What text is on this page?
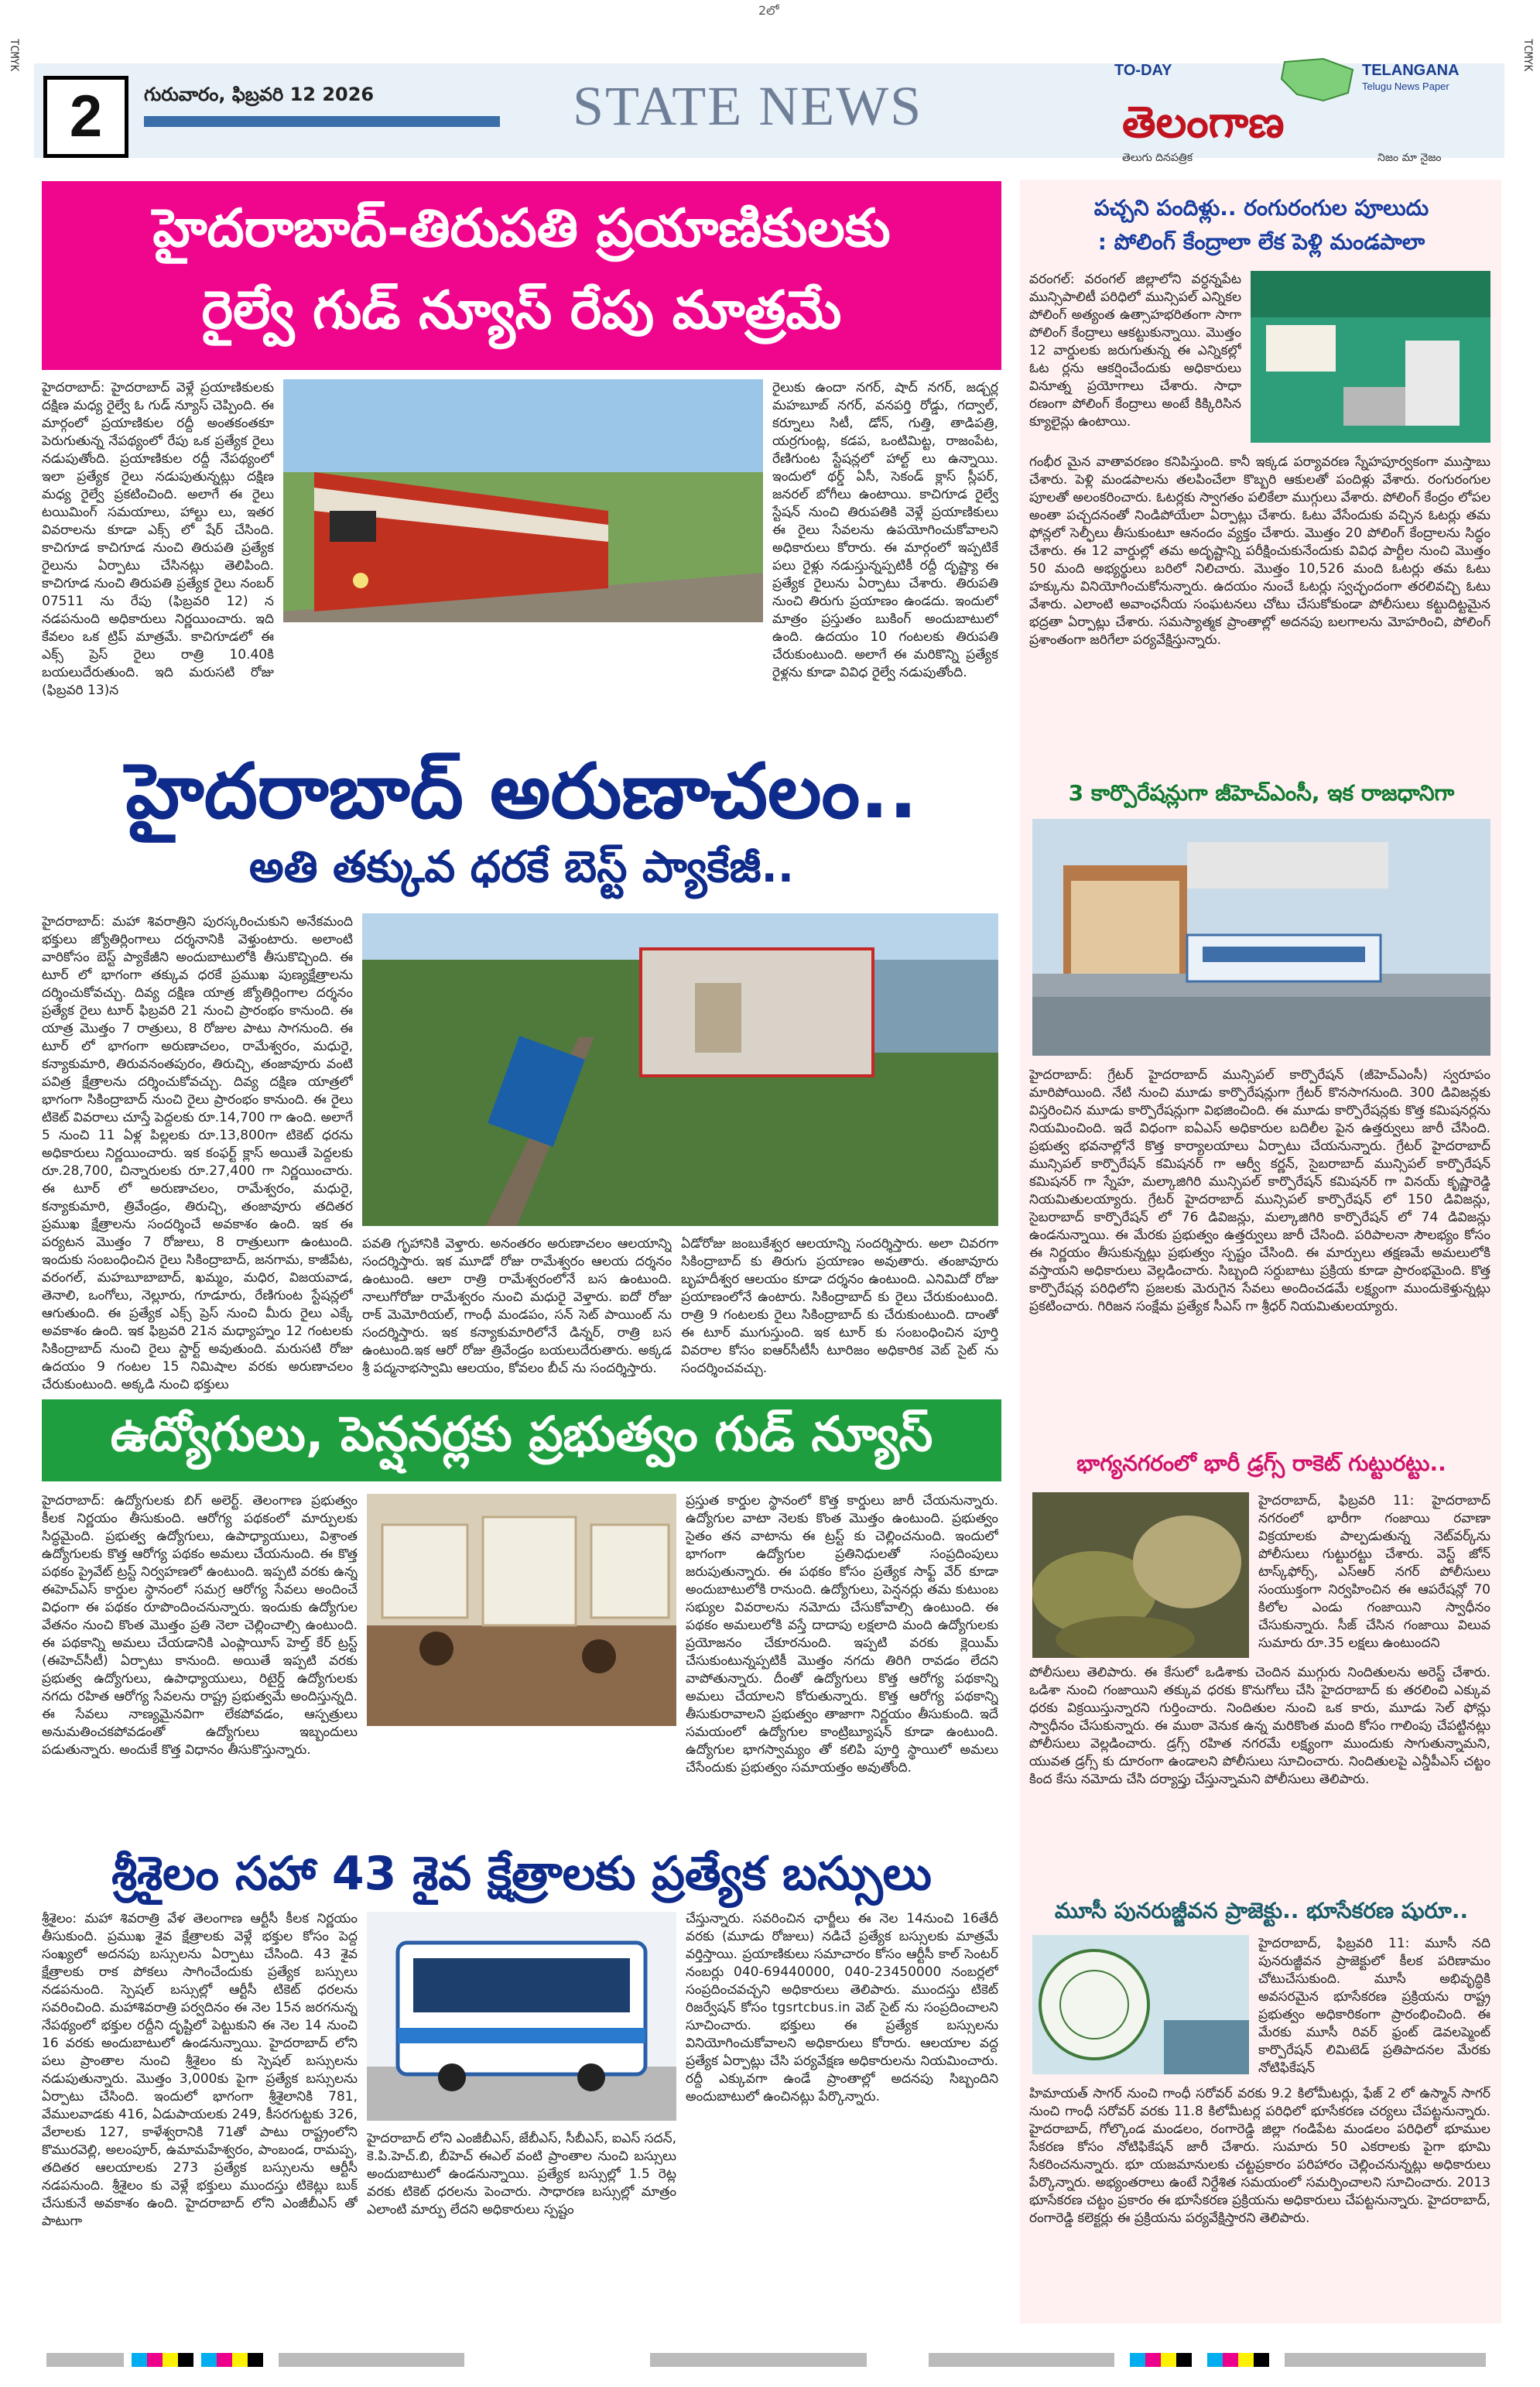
2లో
TCMYK	TCMYK
2	గురువారం, ఫిబ్రవరి 12 2026	STATE NEWS
TO-DAY	TELANGANA
Telugu News Paper
తెలంగాణ
తెలుగు దినపత్రిక	నిజం మా నైజం
హైదరాబాద్-తిరుపతి ప్రయాణికులకు
రైల్వే గుడ్ న్యూస్ రేపు మాత్రమే
హైదరాబాద్: హైదరాబాద్ వెళ్లే ప్రయాణికులకు దక్షిణ మధ్య రైల్వే ఓ గుడ్ న్యూస్ చెప్పింది. ఈ మార్గంలో ప్రయాణికుల రద్దీ అంతకంతకూ పెరుగుతున్న నేపథ్యంలో రేపు ఒక ప్రత్యేక రైలు నడుపుతోంది. ప్రయాణికుల రద్దీ నేపథ్యంలో ఇలా ప్రత్యేక రైలు నడుపుతున్నట్లు దక్షిణ మధ్య రైల్వే ప్రకటించింది. అలాగే ఈ రైలు టయిమింగ్ సమయాలు, హాల్టు లు, ఇతర వివరాలను కూడా ఎక్స్ లో షేర్ చేసింది. కాచిగూడ కాచిగూడ నుంచి తిరుపతి ప్రత్యేక రైలును ఏర్పాటు చేసినట్లు తెలిపింది. కాచిగూడ నుంచి తిరుపతి ప్రత్యేక రైలు నంబర్ 07511 ను రేపు (ఫిబ్రవరి 12) న నడపనుంది అధికారులు నిర్ణయించారు. ఇది కేవలం ఒక ట్రిప్ మాత్రమే. కాచిగూడలో ఈ ఎక్స్ ప్రెస్ రైలు రాత్రి 10.40కి బయలుదేరుతుంది. ఇది మరుసటి రోజు (ఫిబ్రవరి 13)న
రైలుకు ఉందా నగర్, షాద్ నగర్, జడ్చర్ల మహబూబ్ నగర్, వనపర్తి రోడ్డు, గద్వాల్, కర్నూలు సిటీ, డోన్, గుత్తి, తాడిపత్రి, యర్రగుంట్ల, కడప, ఒంటిమిట్ట, రాజంపేట, రేణిగుంట స్టేషన్లలో హాల్ట్ లు ఉన్నాయి. ఇందులో థర్డ్ ఏసీ, సెకండ్ క్లాస్ స్లీపర్, జనరల్ బోగీలు ఉంటాయి. కాచిగూడ రైల్వే స్టేషన్ నుంచి తిరుపతికి వెళ్లే ప్రయాణికులు ఈ రైలు సేవలను ఉపయోగించుకోవాలని అధికారులు కోరారు. ఈ మార్గంలో ఇప్పటికే పలు రైళ్లు నడుస్తున్నప్పటికీ రద్దీ దృష్ట్యా ఈ ప్రత్యేక రైలును ఏర్పాటు చేశారు. తిరుపతి నుంచి తిరుగు ప్రయాణం ఉండదు. ఇందులో మాత్రం ప్రస్తుతం బుకింగ్ అందుబాటులో ఉంది. ఉదయం 10 గంటలకు తిరుపతి చేరుకుంటుంది. అలాగే ఈ మరికొన్ని ప్రత్యేక రైళ్లను కూడా వివిధ రైల్వే నడుపుతోంది.
హైదరాబాద్ అరుణాచలం..
అతి తక్కువ ధరకే బెస్ట్ ప్యాకేజీ..
హైదరాబాద్: మహా శివరాత్రిని పురస్కరించుకుని అనేకమంది భక్తులు జ్యోతిర్లింగాలు దర్శనానికి వెళ్తుంటారు. అలాంటి వారికోసం బెస్ట్ ప్యాకేజీని అందుబాటులోకి తీసుకొచ్చింది. ఈ టూర్ లో భాగంగా తక్కువ ధరకే ప్రముఖ పుణ్యక్షేత్రాలను దర్శించుకోవచ్చు. దివ్య దక్షిణ యాత్ర జ్యోతిర్లింగాల దర్శనం ప్రత్యేక రైలు టూర్ ఫిబ్రవరి 21 నుంచి ప్రారంభం కానుంది. ఈ యాత్ర మొత్తం 7 రాత్రులు, 8 రోజుల పాటు సాగనుంది. ఈ టూర్ లో భాగంగా అరుణాచలం, రామేశ్వరం, మధురై, కన్యాకుమారి, తిరువనంతపురం, తిరుచ్చి, తంజావూరు వంటి పవిత్ర క్షేత్రాలను దర్శించుకోవచ్చు. దివ్య దక్షిణ యాత్రలో భాగంగా సికింద్రాబాద్ నుంచి రైలు ప్రారంభం కానుంది. ఈ రైలు టికెట్ వివరాలు చూస్తే పెద్దలకు రూ.14,700 గా ఉంది. అలాగే 5 నుంచి 11 ఏళ్ల పిల్లలకు రూ.13,800గా టికెట్ ధరను అధికారులు నిర్ణయించారు. ఇక కంఫర్ట్ క్లాస్ అయితే పెద్దలకు రూ.28,700, చిన్నారులకు రూ.27,400 గా నిర్ణయించారు. ఈ టూర్ లో అరుణాచలం, రామేశ్వరం, మధురై, కన్యాకుమారి, త్రివేండ్రం, తిరుచ్చి, తంజావూరు తదితర ప్రముఖ క్షేత్రాలను సందర్శించే అవకాశం ఉంది. ఇక ఈ పర్యటన మొత్తం 7 రోజులు, 8 రాత్రులుగా ఉంటుంది. ఇందుకు సంబంధించిన రైలు సికింద్రాబాద్, జనగామ, కాజీపేట, వరంగల్, మహబూబాబాద్, ఖమ్మం, మధిర, విజయవాడ, తెనాలి, ఒంగోలు, నెల్లూరు, గూడూరు, రేణిగుంట స్టేషన్లలో ఆగుతుంది. ఈ ప్రత్యేక ఎక్స్ ప్రెస్ నుంచి మీరు రైలు ఎక్కే అవకాశం ఉంది. ఇక ఫిబ్రవరి 21న మధ్యాహ్నం 12 గంటలకు సికింద్రాబాద్ నుంచి రైలు స్టార్ట్ అవుతుంది. మరుసటి రోజు ఉదయం 9 గంటల 15 నిమిషాల వరకు అరుణాచలం చేరుకుంటుంది. అక్కడి నుంచి భక్తులు
పవతి గృహానికి వెళ్తారు. అనంతరం అరుణాచలం ఆలయాన్ని సందర్శిస్తారు. ఇక మూడో రోజు రామేశ్వరం ఆలయ దర్శనం ఉంటుంది. ఆలా రాత్రి రామేశ్వరంలోనే బస ఉంటుంది. నాలుగోరోజు రామేశ్వరం నుంచి మధురై వెళ్తారు. ఐదో రోజు రాక్ మెమోరియల్, గాంధీ మండపం, సన్ సెట్ పాయింట్ ను సందర్శిస్తారు. ఇక కన్యాకుమారిలోనే డిన్నర్, రాత్రి బస ఉంటుంది.ఇక ఆరో రోజు త్రివేండ్రం బయలుదేరుతారు. అక్కడ శ్రీ పద్మనాభస్వామి ఆలయం, కోవలం బీచ్ ను సందర్శిస్తారు.
ఏడోరోజు జంబుకేశ్వర ఆలయాన్ని సందర్శిస్తారు. అలా చివరగా సికింద్రాబాద్ కు తిరుగు ప్రయాణం అవుతారు. తంజావూరు బృహదీశ్వర ఆలయం కూడా దర్శనం ఉంటుంది. ఎనిమిదో రోజు ప్రయాణంలోనే ఉంటారు. సికింద్రాబాద్ కు రైలు చేరుకుంటుంది. రాత్రి 9 గంటలకు రైలు సికింద్రాబాద్ కు చేరుకుంటుంది. దాంతో ఈ టూర్ ముగుస్తుంది. ఇక టూర్ కు సంబంధించిన పూర్తి వివరాల కోసం ఐఆర్‌సీటీసీ టూరిజం అధికారిక వెబ్ సైట్ ను సందర్శించవచ్చు.
ఉద్యోగులు, పెన్షనర్లకు ప్రభుత్వం గుడ్ న్యూస్
హైదరాబాద్: ఉద్యోగులకు బిగ్ అలెర్ట్. తెలంగాణ ప్రభుత్వం కీలక నిర్ణయం తీసుకుంది. ఆరోగ్య పథకంలో మార్పులకు సిద్ధమైంది. ప్రభుత్వ ఉద్యోగులు, ఉపాధ్యాయులు, విశ్రాంత ఉద్యోగులకు కొత్త ఆరోగ్య పథకం అమలు చేయనుంది. ఈ కొత్త పథకం ప్రైవేట్ ట్రస్ట్ నిర్వహణలో ఉంటుంది. ఇప్పటి వరకు ఉన్న ఈహెచ్ఎస్ కార్డుల స్థానంలో సమగ్ర ఆరోగ్య సేవలు అందించే విధంగా ఈ పథకం రూపొందించనున్నారు. ఇందుకు ఉద్యోగుల వేతనం నుంచి కొంత మొత్తం ప్రతి నెలా చెల్లించాల్సి ఉంటుంది. ఈ పథకాన్ని అమలు చేయడానికి ఎంప్లాయీస్ హెల్త్ కేర్ ట్రస్ట్ (ఈహెచ్‌సీటీ) ఏర్పాటు కానుంది. అయితే ఇప్పటి వరకు ప్రభుత్వ ఉద్యోగులు, ఉపాధ్యాయులు, రిటైర్డ్ ఉద్యోగులకు నగదు రహిత ఆరోగ్య సేవలను రాష్ట్ర ప్రభుత్వమే అందిస్తున్నది. ఈ సేవలు నాణ్యమైనవిగా లేకపోవడం, ఆస్పత్రులు అనుమతించకపోవడంతో ఉద్యోగులు ఇబ్బందులు పడుతున్నారు. అందుకే కొత్త విధానం తీసుకొస్తున్నారు.
ప్రస్తుత కార్డుల స్థానంలో కొత్త కార్డులు జారీ చేయనున్నారు. ఉద్యోగుల వాటా నెలకు కొంత మొత్తం ఉంటుంది. ప్రభుత్వం సైతం తన వాటాను ఈ ట్రస్ట్ కు చెల్లించనుంది. ఇందులో భాగంగా ఉద్యోగుల ప్రతినిధులతో సంప్రదింపులు జరుపుతున్నారు. ఈ పథకం కోసం ప్రత్యేక సాఫ్ట్ వేర్ కూడా అందుబాటులోకి రానుంది. ఉద్యోగులు, పెన్షనర్లు తమ కుటుంబ సభ్యుల వివరాలను నమోదు చేసుకోవాల్సి ఉంటుంది. ఈ పథకం అమలులోకి వస్తే దాదాపు లక్షలాది మంది ఉద్యోగులకు ప్రయోజనం చేకూరనుంది. ఇప్పటి వరకు క్లెయిమ్ చేసుకుంటున్నప్పటికీ మొత్తం నగదు తిరిగి రావడం లేదని వాపోతున్నారు. దీంతో ఉద్యోగులు కొత్త ఆరోగ్య పథకాన్ని అమలు చేయాలని కోరుతున్నారు. కొత్త ఆరోగ్య పథకాన్ని తీసుకురావాలని ప్రభుత్వం తాజాగా నిర్ణయం తీసుకుంది. ఇదే సమయంలో ఉద్యోగుల కాంట్రిబ్యూషన్ కూడా ఉంటుంది. ఉద్యోగుల భాగస్వామ్యం తో కలిపి పూర్తి స్థాయిలో అమలు చేసేందుకు ప్రభుత్వం సమాయత్తం అవుతోంది.
శ్రీశైలం సహా 43 శైవ క్షేత్రాలకు ప్రత్యేక బస్సులు
శ్రీశైలం: మహా శివరాత్రి వేళ తెలంగాణ ఆర్టీసీ కీలక నిర్ణయం తీసుకుంది. ప్రముఖ శైవ క్షేత్రాలకు వెళ్లే భక్తుల కోసం పెద్ద సంఖ్యలో అదనపు బస్సులను ఏర్పాటు చేసింది. 43 శైవ క్షేత్రాలకు రాక పోకలు సాగించేందుకు ప్రత్యేక బస్సులు నడపనుంది. స్పెషల్ బస్సుల్లో ఆర్టీసీ టికెట్ ధరలను సవరించింది. మహాశివరాత్రి పర్వదినం ఈ నెల 15న జరగనున్న నేపథ్యంలో భక్తుల రద్దీని దృష్టిలో పెట్టుకుని ఈ నెల 14 నుంచి 16 వరకు అందుబాటులో ఉండనున్నాయి. హైదరాబాద్ లోని పలు ప్రాంతాల నుంచి శ్రీశైలం కు స్పెషల్ బస్సులను నడుపుతున్నారు. మొత్తం 3,000కు పైగా ప్రత్యేక బస్సులను ఏర్పాటు చేసింది. ఇందులో భాగంగా శ్రీశైలానికి 781, వేములవాడకు 416, ఏడుపాయలకు 249, కీసరగుట్టకు 326, వేలాలకు 127, కాళేశ్వరానికి 71తో పాటు రాష్ట్రంలోని కొమురవెల్లి, అలంపూర్, ఉమామహేశ్వరం, పాంబండ, రామప్ప, తదితర ఆలయాలకు 273 ప్రత్యేక బస్సులను ఆర్టీసీ నడపనుంది. శ్రీశైలం కు వెళ్లే భక్తులు ముందస్తు టికెట్లు బుక్ చేసుకునే అవకాశం ఉంది. హైదరాబాద్ లోని ఎంజీబీఎస్ తో పాటుగా
హైదరాబాద్ లోని ఎంజీబీఎస్, జేబీఎస్, సీబీఎస్, ఐఎస్ సదన్, కె.పి.హెచ్.బి, బీహెచ్ ఈఎల్ వంటి ప్రాంతాల నుంచి బస్సులు అందుబాటులో ఉండనున్నాయి. ప్రత్యేక బస్సుల్లో 1.5 రెట్ల వరకు టికెట్ ధరలను పెంచారు. సాధారణ బస్సుల్లో మాత్రం ఎలాంటి మార్పు లేదని అధికారులు స్పష్టం
చేస్తున్నారు. సవరించిన ఛార్జీలు ఈ నెల 14నుంచి 16తేదీ వరకు (మూడు రోజులు) నడిచే ప్రత్యేక బస్సులకు మాత్రమే వర్తిస్తాయి. ప్రయాణికులు సమాచారం కోసం ఆర్టీసీ కాల్ సెంటర్ నంబర్లు 040-69440000, 040-23450000 నంబర్లలో సంప్రదించవచ్చని అధికారులు తెలిపారు. ముందస్తు టికెట్ రిజర్వేషన్ కోసం tgsrtcbus.in వెబ్ సైట్ ను సంప్రదించాలని సూచించారు. భక్తులు ఈ ప్రత్యేక బస్సులను వినియోగించుకోవాలని అధికారులు కోరారు. ఆలయాల వద్ద ప్రత్యేక ఏర్పాట్లు చేసి పర్యవేక్షణ అధికారులను నియమించారు. రద్దీ ఎక్కువగా ఉండే ప్రాంతాల్లో అదనపు సిబ్బందిని అందుబాటులో ఉంచినట్లు పేర్కొన్నారు.
పచ్చని పందిళ్లు.. రంగురంగుల పూలుదు
: పోలింగ్ కేంద్రాలా లేక పెళ్లి మండపాలా
వరంగల్: వరంగల్ జిల్లాలోని వర్ధన్నపేట మున్సిపాలిటీ పరిధిలో మున్సిపల్ ఎన్నికల పోలింగ్ అత్యంత ఉత్సాహభరితంగా సాగా పోలింగ్ కేంద్రాలు ఆకట్టుకున్నాయి. మొత్తం 12 వార్డులకు జరుగుతున్న ఈ ఎన్నికల్లో ఓట ర్లను ఆకర్షించేందుకు అధికారులు వినూత్న ప్రయోగాలు చేశారు. సాధా రణంగా పోలింగ్ కేంద్రాలు అంటే కిక్కిరిసిన క్యూలైన్లు ఉంటాయి.
గంభీర మైన వాతావరణం కనిపిస్తుంది. కానీ ఇక్కడ పర్యావరణ స్నేహపూర్వకంగా ముస్తాబు చేశారు. పెళ్లి మండపాలను తలపించేలా కొబ్బరి ఆకులతో పందిళ్లు వేశారు. రంగురంగుల పూలతో అలంకరించారు. ఓటర్లకు స్వాగతం పలికేలా ముగ్గులు వేశారు. పోలింగ్ కేంద్రం లోపల అంతా పచ్చదనంతో నిండిపోయేలా ఏర్పాట్లు చేశారు. ఓటు వేసేందుకు వచ్చిన ఓటర్లు తమ ఫోన్లలో సెల్ఫీలు తీసుకుంటూ ఆనందం వ్యక్తం చేశారు. మొత్తం 20 పోలింగ్ కేంద్రాలను సిద్ధం చేశారు. ఈ 12 వార్డుల్లో తమ అదృష్టాన్ని పరీక్షించుకునేందుకు వివిధ పార్టీల నుంచి మొత్తం 50 మంది అభ్యర్థులు బరిలో నిలిచారు. మొత్తం 10,526 మంది ఓటర్లు తమ ఓటు హక్కును వినియోగించుకోనున్నారు. ఉదయం నుంచే ఓటర్లు స్వచ్ఛందంగా తరలివచ్చి ఓటు వేశారు. ఎలాంటి అవాంఛనీయ సంఘటనలు చోటు చేసుకోకుండా పోలీసులు కట్టుదిట్టమైన భద్రతా ఏర్పాట్లు చేశారు. సమస్యాత్మక ప్రాంతాల్లో అదనపు బలగాలను మోహరించి, పోలింగ్ ప్రశాంతంగా జరిగేలా పర్యవేక్షిస్తున్నారు.
3 కార్పొరేషన్లుగా జీహెచ్ఎంసీ, ఇక రాజధానిగా
హైదరాబాద్: గ్రేటర్ హైదరాబాద్ మున్సిపల్ కార్పొరేషన్ (జీహెచ్ఎంసీ) స్వరూపం మారిపోయింది. నేటి నుంచి మూడు కార్పొరేషన్లుగా గ్రేటర్ కొనసాగనుంది. 300 డివిజన్లకు విస్తరించిన మూడు కార్పొరేషన్లుగా విభజించింది. ఈ మూడు కార్పొరేషన్లకు కొత్త కమిషనర్లను నియమించింది. ఇదే విధంగా ఐఏఎస్ అధికారుల బదిలీల పైన ఉత్తర్వులు జారీ చేసింది. ప్రభుత్వ భవనాల్లోనే కొత్త కార్యాలయాలు ఏర్పాటు చేయనున్నారు. గ్రేటర్ హైదరాబాద్ మున్సిపల్ కార్పొరేషన్ కమిషనర్ గా ఆర్వీ కర్ణన్, సైబరాబాద్ మున్సిపల్ కార్పొరేషన్ కమిషనర్ గా స్నేహ, మల్కాజిగిరి మున్సిపల్ కార్పొరేషన్ కమిషనర్ గా వినయ్ కృష్ణారెడ్డి నియమితులయ్యారు. గ్రేటర్ హైదరాబాద్ మున్సిపల్ కార్పొరేషన్ లో 150 డివిజన్లు, సైబరాబాద్ కార్పొరేషన్ లో 76 డివిజన్లు, మల్కాజిగిరి కార్పొరేషన్ లో 74 డివిజన్లు ఉండనున్నాయి. ఈ మేరకు ప్రభుత్వం ఉత్తర్వులు జారీ చేసింది. పరిపాలనా సౌలభ్యం కోసం ఈ నిర్ణయం తీసుకున్నట్లు ప్రభుత్వం స్పష్టం చేసింది. ఈ మార్పులు తక్షణమే అమలులోకి వస్తాయని అధికారులు వెల్లడించారు. సిబ్బంది సర్దుబాటు ప్రక్రియ కూడా ప్రారంభమైంది. కొత్త కార్పొరేషన్ల పరిధిలోని ప్రజలకు మెరుగైన సేవలు అందించడమే లక్ష్యంగా ముందుకెళ్తున్నట్లు ప్రకటించారు. గిరిజన సంక్షేమ ప్రత్యేక సీఎస్ గా శ్రీధర్ నియమితులయ్యారు.
భాగ్యనగరంలో భారీ డ్రగ్స్ రాకెట్ గుట్టురట్టు..
హైదరాబాద్, ఫిబ్రవరి 11: హైదరాబాద్ నగరంలో భారీగా గంజాయి రవాణా విక్రయాలకు పాల్పడుతున్న నెట్‌వర్క్‌ను పోలీసులు గుట్టురట్టు చేశారు. వెస్ట్ జోన్ టాస్క్‌ఫోర్స్, ఎస్ఆర్ నగర్ పోలీసులు సంయుక్తంగా నిర్వహించిన ఈ ఆపరేషన్లో 70 కిలోల ఎండు గంజాయిని స్వాధీనం చేసుకున్నారు. సీజ్ చేసిన గంజాయి విలువ సుమారు రూ.35 లక్షలు ఉంటుందని
పోలీసులు తెలిపారు. ఈ కేసులో ఒడిశాకు చెందిన ముగ్గురు నిందితులను అరెస్ట్ చేశారు. ఒడిశా నుంచి గంజాయిని తక్కువ ధరకు కొనుగోలు చేసి హైదరాబాద్ కు తరలించి ఎక్కువ ధరకు విక్రయిస్తున్నారని గుర్తించారు. నిందితుల నుంచి ఒక కారు, మూడు సెల్ ఫోన్లు స్వాధీనం చేసుకున్నారు. ఈ ముఠా వెనుక ఉన్న మరికొంత మంది కోసం గాలింపు చేపట్టినట్లు పోలీసులు వెల్లడించారు. డ్రగ్స్ రహిత నగరమే లక్ష్యంగా ముందుకు సాగుతున్నామని, యువత డ్రగ్స్ కు దూరంగా ఉండాలని పోలీసులు సూచించారు. నిందితులపై ఎన్డీపీఎస్ చట్టం కింద కేసు నమోదు చేసి దర్యాప్తు చేస్తున్నామని పోలీసులు తెలిపారు.
మూసీ పునరుజ్జీవన ప్రాజెక్టు.. భూసేకరణ షురూ..
హైదరాబాద్, ఫిబ్రవరి 11: మూసీ నది పునరుజ్జీవన ప్రాజెక్టులో కీలక పరిణామం చోటుచేసుకుంది. మూసీ అభివృద్ధికి అవసరమైన భూసేకరణ ప్రక్రియను రాష్ట్ర ప్రభుత్వం అధికారికంగా ప్రారంభించింది. ఈ మేరకు మూసీ రివర్ ఫ్రంట్ డెవలప్మెంట్ కార్పొరేషన్ లిమిటెడ్ ప్రతిపాదనల మేరకు నోటిఫికేషన్
హిమాయత్ సాగర్ నుంచి గాంధీ సరోవర్ వరకు 9.2 కిలోమీటర్లు, ఫేజ్ 2 లో ఉస్మాన్ సాగర్ నుంచి గాంధీ సరోవర్ వరకు 11.8 కిలోమీటర్ల పరిధిలో భూసేకరణ చర్యలు చేపట్టనున్నారు. హైదరాబాద్, గోల్కొండ మండలం, రంగారెడ్డి జిల్లా గండిపేట మండలం పరిధిలో భూముల సేకరణ కోసం నోటిఫికేషన్ జారీ చేశారు. సుమారు 50 ఎకరాలకు పైగా భూమి సేకరించనున్నారు. భూ యజమానులకు చట్టప్రకారం పరిహారం చెల్లించనున్నట్లు అధికారులు పేర్కొన్నారు. అభ్యంతరాలు ఉంటే నిర్దేశిత సమయంలో సమర్పించాలని సూచించారు. 2013 భూసేకరణ చట్టం ప్రకారం ఈ భూసేకరణ ప్రక్రియను అధికారులు చేపట్టనున్నారు. హైదరాబాద్, రంగారెడ్డి కలెక్టర్లు ఈ ప్రక్రియను పర్యవేక్షిస్తారని తెలిపారు.
